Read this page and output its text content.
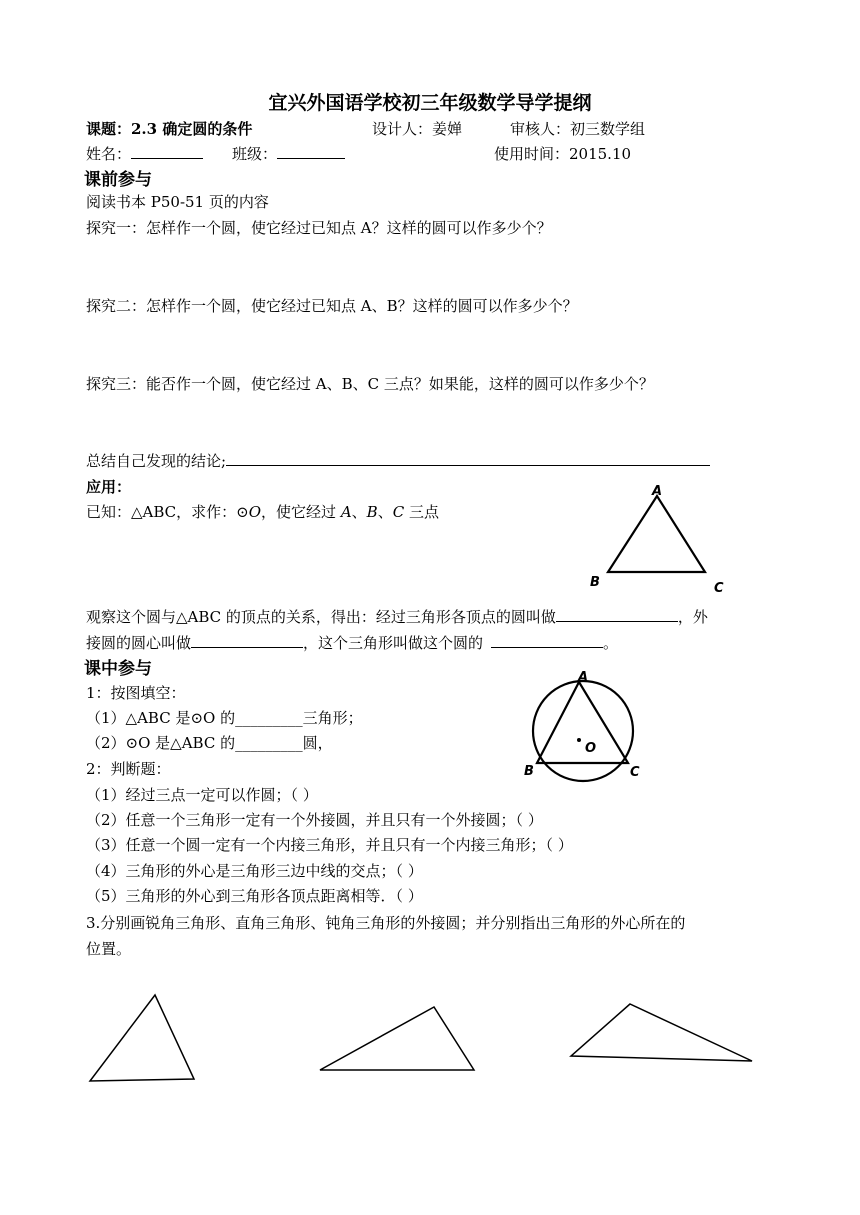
宜兴外国语学校初三年级数学导学提纲
课题：2.3 确定圆的条件	设计人：姜婵	审核人：初三数学组
姓名：	班级：	使用时间：2015.10
课前参与
阅读书本 P50-51 页的内容
探究一：怎样作一个圆，使它经过已知点 A？这样的圆可以作多少个？
探究二：怎样作一个圆，使它经过已知点 A、B？这样的圆可以作多少个？
探究三：能否作一个圆，使它经过 A、B、C 三点？如果能，这样的圆可以作多少个？
总结自己发现的结论;
应用：
已知：△ABC，求作：⊙O，使它经过 A、B、C 三点
A
B	C
观察这个圆与△ABC 的顶点的关系，得出：经过三角形各顶点的圆叫做	，外
接圆的圆心叫做	，这个三角形叫做这个圆的	。
课中参与
1：按图填空：
（1）△ABC 是⊙O 的_________三角形；
（2）⊙O 是△ABC 的_________圆，
2：判断题：
（1）经过三点一定可以作圆；（ ）
（2）任意一个三角形一定有一个外接圆，并且只有一个外接圆；（ ）
（3）任意一个圆一定有一个内接三角形，并且只有一个内接三角形；（ ）
（4）三角形的外心是三角形三边中线的交点；（ ）
（5）三角形的外心到三角形各顶点距离相等．（ ）
3.分别画锐角三角形、直角三角形、钝角三角形的外接圆；并分别指出三角形的外心所在的
位置。
A
B	C
O
